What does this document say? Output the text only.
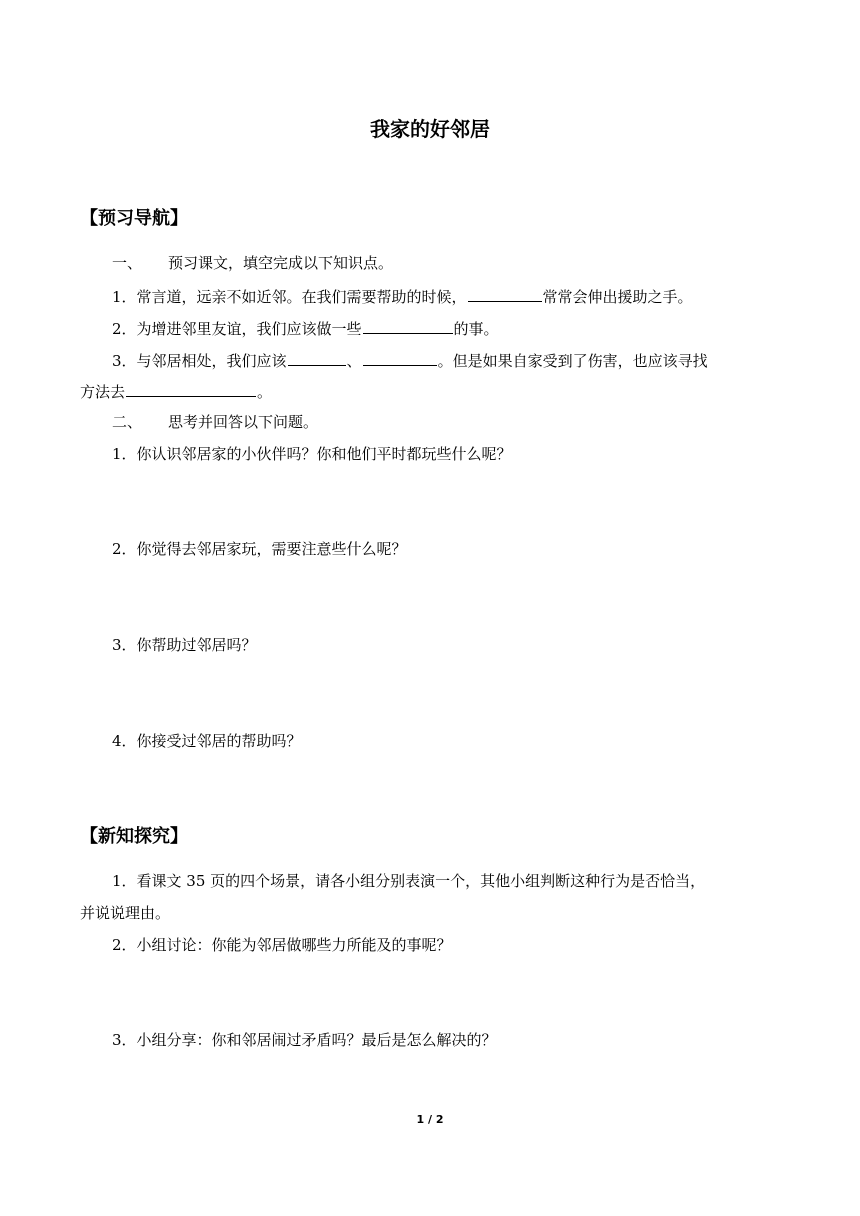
我家的好邻居
【预习导航】
一、 预习课文，填空完成以下知识点。
1．常言道，远亲不如近邻。在我们需要帮助的时候，	常常会伸出援助之手。
2．为增进邻里友谊，我们应该做一些	的事。
3．与邻居相处，我们应该	、	。但是如果自家受到了伤害，也应该寻找
方法去	。
二、 思考并回答以下问题。
1．你认识邻居家的小伙伴吗？你和他们平时都玩些什么呢？
2．你觉得去邻居家玩，需要注意些什么呢？
3．你帮助过邻居吗？
4．你接受过邻居的帮助吗？
【新知探究】
1．看课文 35 页的四个场景，请各小组分别表演一个，其他小组判断这种行为是否恰当，
并说说理由。
2．小组讨论：你能为邻居做哪些力所能及的事呢？
3．小组分享：你和邻居闹过矛盾吗？最后是怎么解决的？
1 / 2
